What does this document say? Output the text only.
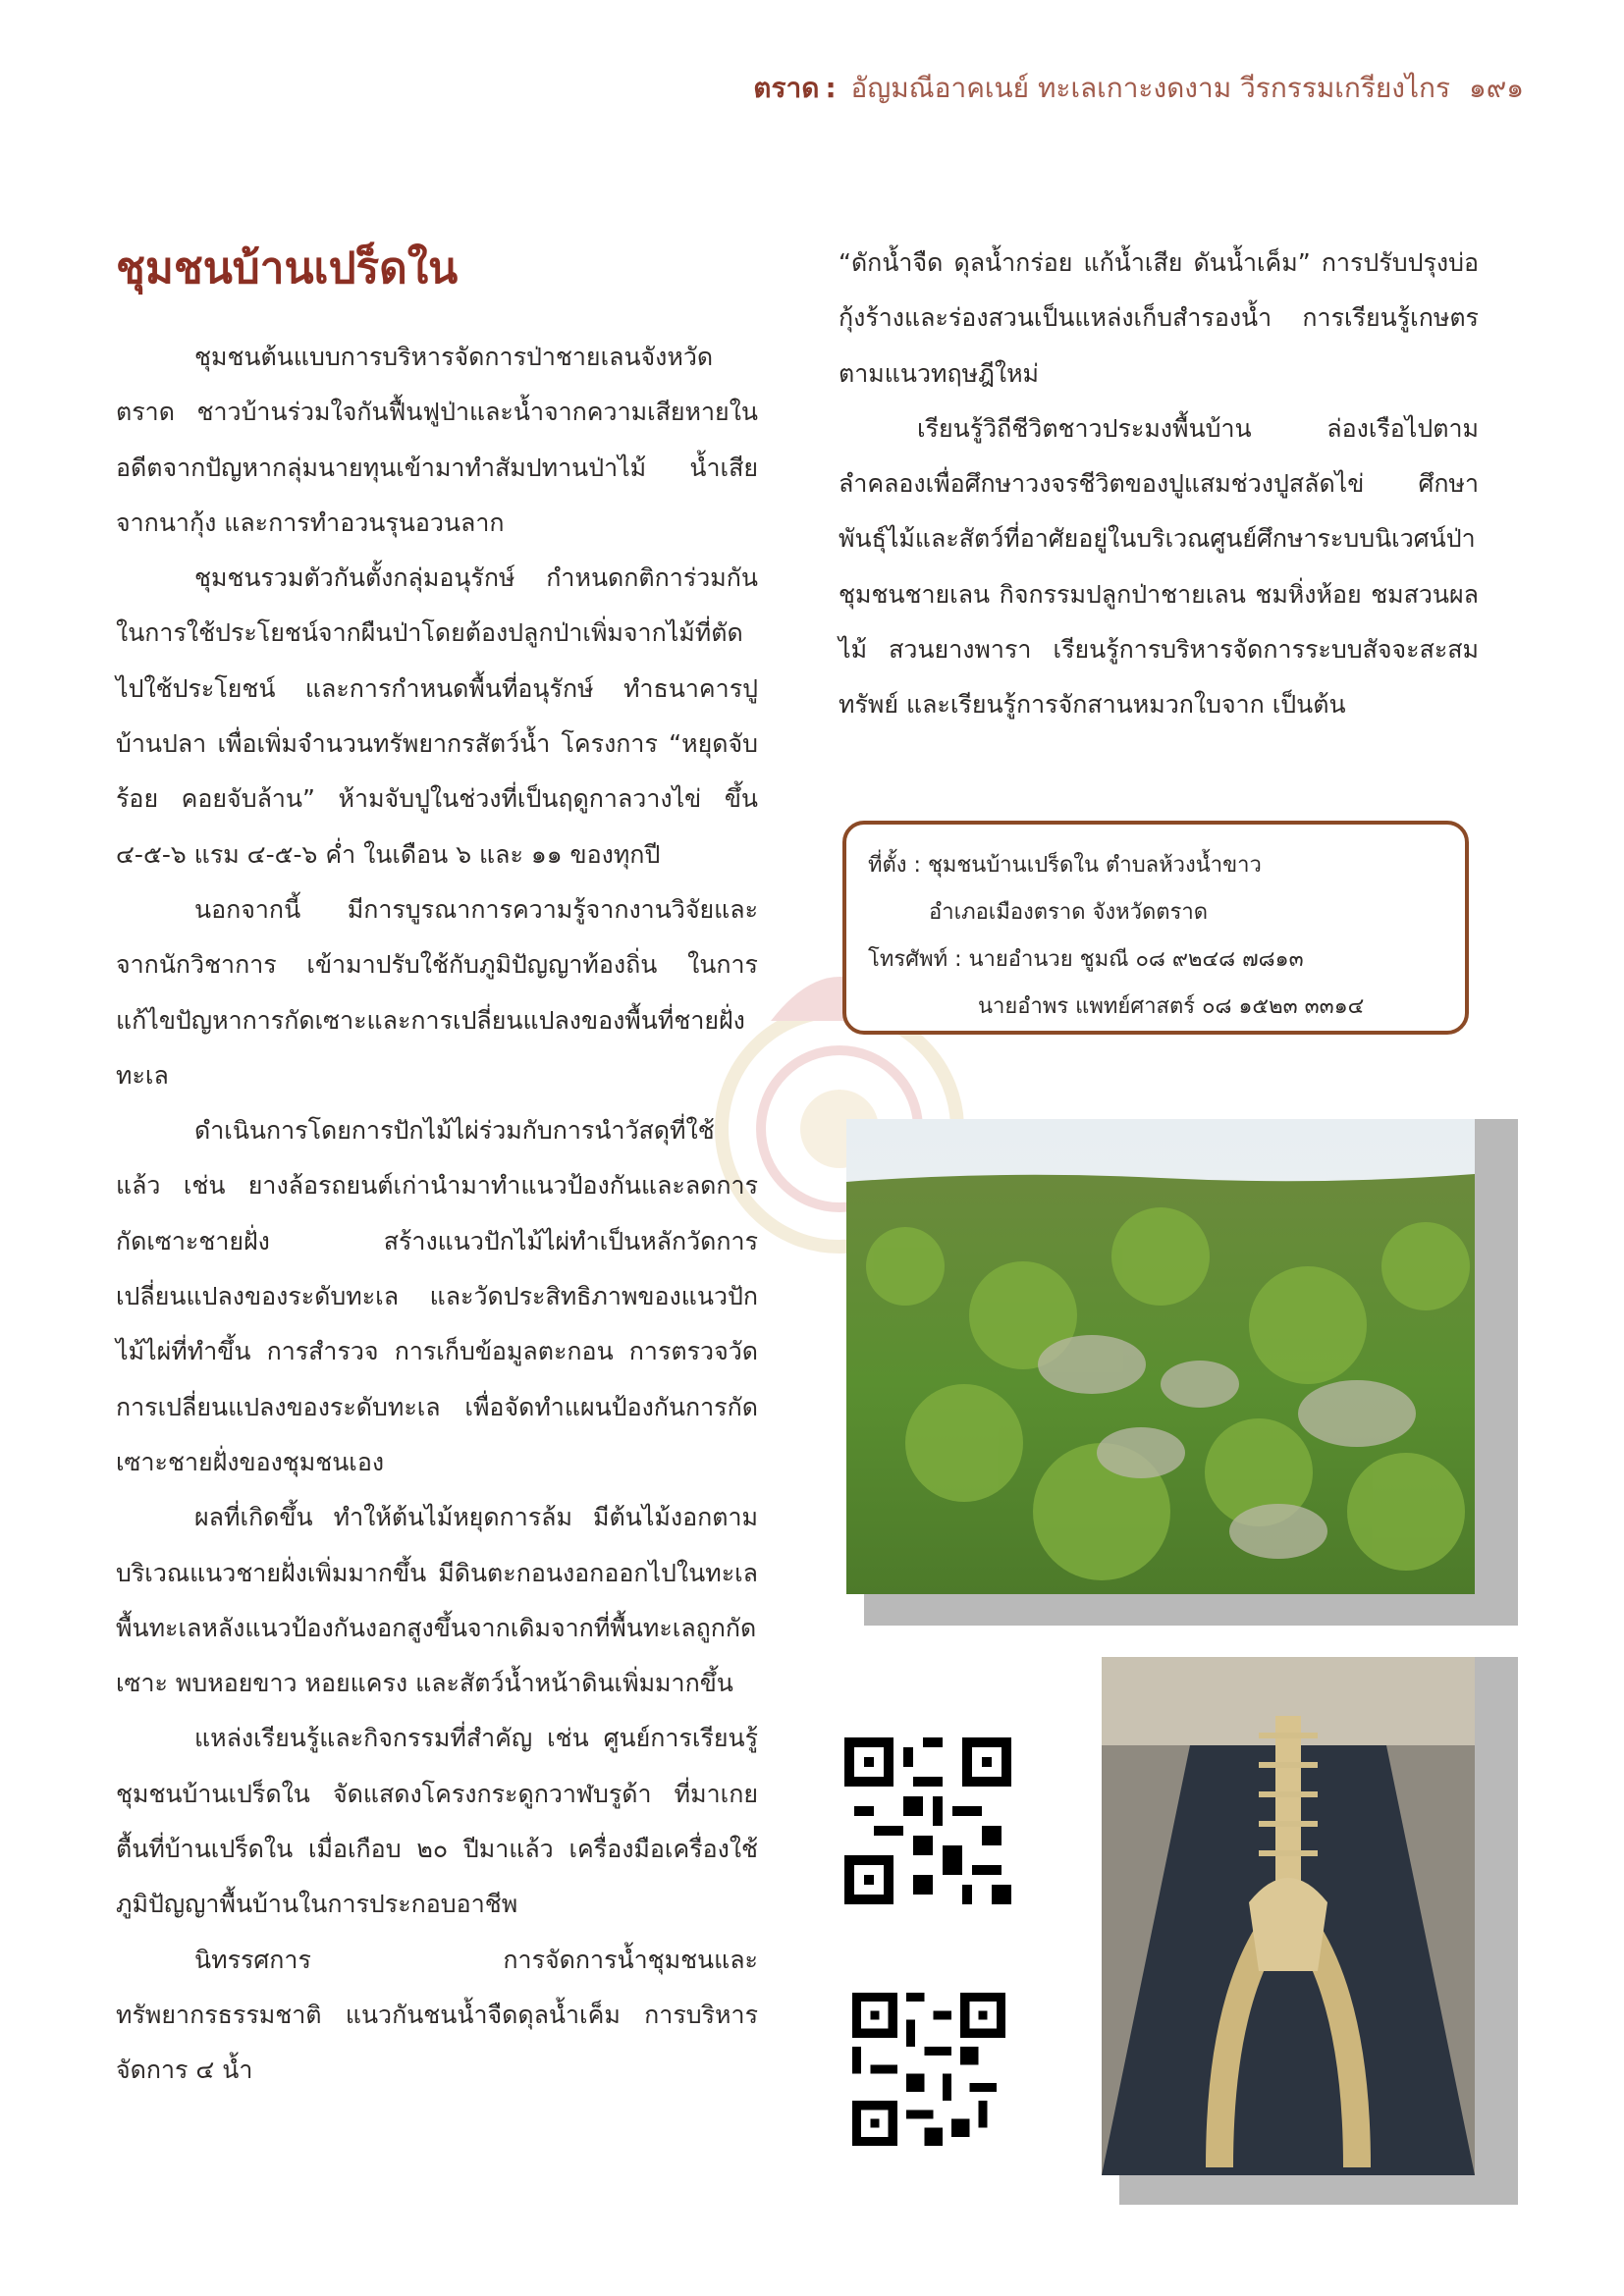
ตราด : อัญมณีอาคเนย์ ทะเลเกาะงดงาม วีรกรรมเกรียงไกร ๑๙๑
ชุมชนบ้านเปร็ดใน

ชุมชนต้นแบบการบริหารจัดการป่าชายเลนจังหวัดตราด ชาวบ้านร่วมใจกันฟื้นฟูป่าและน้ำจากความเสียหายในอดีตจากปัญหากลุ่มนายทุนเข้ามาทำสัมปทานป่าไม้ น้ำเสียจากนากุ้ง และการทำอวนรุนอวนลาก

ชุมชนรวมตัวกันตั้งกลุ่มอนุรักษ์ กำหนดกติการ่วมกันในการใช้ประโยชน์จากผืนป่าโดยต้องปลูกป่าเพิ่มจากไม้ที่ตัดไปใช้ประโยชน์ และการกำหนดพื้นที่อนุรักษ์ ทำธนาคารปู บ้านปลา เพื่อเพิ่มจำนวนทรัพยากรสัตว์น้ำ โครงการ “หยุดจับร้อย คอยจับล้าน” ห้ามจับปูในช่วงที่เป็นฤดูกาลวางไข่ ขึ้น ๔-๕-๖ แรม ๔-๕-๖ ค่ำ ในเดือน ๖ และ ๑๑ ของทุกปี

นอกจากนี้ มีการบูรณาการความรู้จากงานวิจัยและจากนักวิชาการ เข้ามาปรับใช้กับภูมิปัญญาท้องถิ่น ในการแก้ไขปัญหาการกัดเซาะและการเปลี่ยนแปลงของพื้นที่ชายฝั่งทะเล

ดำเนินการโดยการปักไม้ไผ่ร่วมกับการนำวัสดุที่ใช้แล้ว เช่น ยางล้อรถยนต์เก่านำมาทำแนวป้องกันและลดการกัดเซาะชายฝั่ง สร้างแนวปักไม้ไผ่ทำเป็นหลักวัดการเปลี่ยนแปลงของระดับทะเล และวัดประสิทธิภาพของแนวปักไม้ไผ่ที่ทำขึ้น การสำรวจ การเก็บข้อมูลตะกอน การตรวจวัดการเปลี่ยนแปลงของระดับทะเล เพื่อจัดทำแผนป้องกันการกัดเซาะชายฝั่งของชุมชนเอง

ผลที่เกิดขึ้น ทำให้ต้นไม้หยุดการล้ม มีต้นไม้งอกตามบริเวณแนวชายฝั่งเพิ่มมากขึ้น มีดินตะกอนงอกออกไปในทะเล พื้นทะเลหลังแนวป้องกันงอกสูงขึ้นจากเดิมจากที่พื้นทะเลถูกกัดเซาะ พบหอยขาว หอยแครง และสัตว์น้ำหน้าดินเพิ่มมากขึ้น

แหล่งเรียนรู้และกิจกรรมที่สำคัญ เช่น ศูนย์การเรียนรู้ชุมชนบ้านเปร็ดใน จัดแสดงโครงกระดูกวาฬบรูด้า ที่มาเกยตื้นที่บ้านเปร็ดใน เมื่อเกือบ ๒๐ ปีมาแล้ว เครื่องมือเครื่องใช้ ภูมิปัญญาพื้นบ้านในการประกอบอาชีพ

นิทรรศการ การจัดการน้ำชุมชนและทรัพยากรธรรมชาติ แนวกันชนน้ำจืดดุลน้ำเค็ม การบริหารจัดการ ๔ น้ำ

“ดักน้ำจืด ดุลน้ำกร่อย แก้น้ำเสีย ดันน้ำเค็ม” การปรับปรุงบ่อกุ้งร้างและร่องสวนเป็นแหล่งเก็บสำรองน้ำ การเรียนรู้เกษตรตามแนวทฤษฎีใหม่

เรียนรู้วิถีชีวิตชาวประมงพื้นบ้าน ล่องเรือไปตามลำคลองเพื่อศึกษาวงจรชีวิตของปูแสมช่วงปูสลัดไข่ ศึกษาพันธุ์ไม้และสัตว์ที่อาศัยอยู่ในบริเวณศูนย์ศึกษาระบบนิเวศน์ป่าชุมชนชายเลน กิจกรรมปลูกป่าชายเลน ชมหิ่งห้อย ชมสวนผลไม้ สวนยางพารา เรียนรู้การบริหารจัดการระบบสัจจะสะสมทรัพย์ และเรียนรู้การจักสานหมวกใบจาก เป็นต้น

ที่ตั้ง : ชุมชนบ้านเปร็ดใน ตำบลห้วงน้ำขาว
อำเภอเมืองตราด จังหวัดตราด
โทรศัพท์ : นายอำนวย ชูมณี ๐๘ ๙๒๔๘ ๗๘๑๓
นายอำพร แพทย์ศาสตร์ ๐๘ ๑๕๒๓ ๓๓๑๔
